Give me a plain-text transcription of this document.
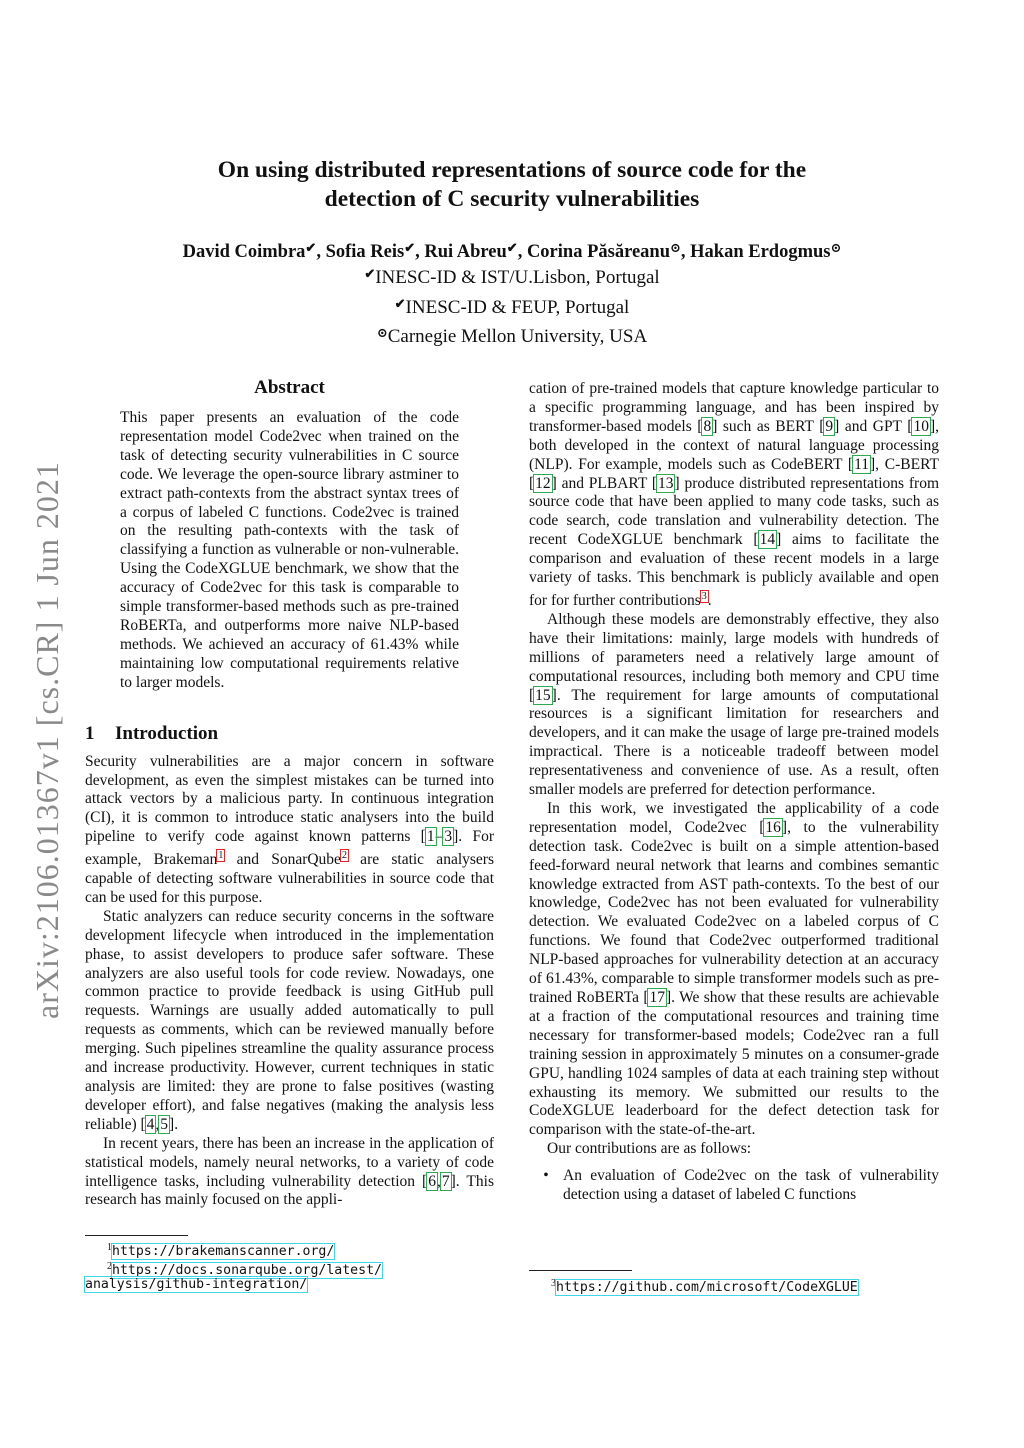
arXiv:2106.01367v1 [cs.CR] 1 Jun 2021
On using distributed representations of source code for the
detection of C security vulnerabilities
David Coimbra✔, Sofia Reis✔, Rui Abreu✔, Corina Păsăreanu⊙, Hakan Erdogmus⊙
✔INESC-ID & IST/U.Lisbon, Portugal
✔INESC-ID & FEUP, Portugal
⊙Carnegie Mellon University, USA
Abstract
This paper presents an evaluation of the code representation model Code2vec when trained on the task of detecting security vulnerabilities in C source code. We leverage the open-source library astminer to extract path-contexts from the abstract syntax trees of a corpus of labeled C functions. Code2vec is trained on the resulting path-contexts with the task of classifying a function as vulnerable or non-vulnerable. Using the CodeXGLUE benchmark, we show that the accuracy of Code2vec for this task is comparable to simple transformer-based methods such as pre-trained RoBERTa, and outperforms more naive NLP-based methods. We achieved an accuracy of 61.43% while maintaining low computational requirements relative to larger models.
1 Introduction

Security vulnerabilities are a major concern in software development, as even the simplest mistakes can be turned into attack vectors by a malicious party. In continuous integration (CI), it is common to introduce static analysers into the build pipeline to verify code against known patterns [1–3]. For example, Brakeman$^1$ and SonarQube$^2$ are static analysers capable of detecting software vulnerabilities in source code that can be used for this purpose.

Static analyzers can reduce security concerns in the software development lifecycle when introduced in the implementation phase, to assist developers to produce safer software. These analyzers are also useful tools for code review. Nowadays, one common practice to provide feedback is using GitHub pull requests. Warnings are usually added automatically to pull requests as comments, which can be reviewed manually before merging. Such pipelines streamline the quality assurance process and increase productivity. However, current techniques in static analysis are limited: they are prone to false positives (wasting developer effort), and false negatives (making the analysis less reliable) [4,5].

In recent years, there has been an increase in the application of statistical models, namely neural networks, to a variety of code intelligence tasks, including vulnerability detection [6,7]. This research has mainly focused on the appli-

cation of pre-trained models that capture knowledge particular to a specific programming language, and has been inspired by transformer-based models [8] such as BERT [9] and GPT [10], both developed in the context of natural language processing (NLP). For example, models such as CodeBERT [11], C-BERT [12] and PLBART [13] produce distributed representations from source code that have been applied to many code tasks, such as code search, code translation and vulnerability detection. The recent CodeXGLUE benchmark [14] aims to facilitate the comparison and evaluation of these recent models in a large variety of tasks. This benchmark is publicly available and open for for further contributions$^3$.

Although these models are demonstrably effective, they also have their limitations: mainly, large models with hundreds of millions of parameters need a relatively large amount of computational resources, including both memory and CPU time [15]. The requirement for large amounts of computational resources is a significant limitation for researchers and developers, and it can make the usage of large pre-trained models impractical. There is a noticeable tradeoff between model representativeness and convenience of use. As a result, often smaller models are preferred for detection performance.

In this work, we investigated the applicability of a code representation model, Code2vec [16], to the vulnerability detection task. Code2vec is built on a simple attention-based feed-forward neural network that learns and combines semantic knowledge extracted from AST path-contexts. To the best of our knowledge, Code2vec has not been evaluated for vulnerability detection. We evaluated Code2vec on a labeled corpus of C functions. We found that Code2vec outperformed traditional NLP-based approaches for vulnerability detection at an accuracy of 61.43%, comparable to simple transformer models such as pre-trained RoBERTa [17]. We show that these results are achievable at a fraction of the computational resources and training time necessary for transformer-based models; Code2vec ran a full training session in approximately 5 minutes on a consumer-grade GPU, handling 1024 samples of data at each training step without exhausting its memory. We submitted our results to the CodeXGLUE leaderboard for the defect detection task for comparison with the state-of-the-art.

Our contributions are as follows:

• An evaluation of Code2vec on the task of vulnerability detection using a dataset of labeled C functions
$^1$https://brakemanscanner.org/
$^2$https://docs.sonarqube.org/latest/
analysis/github-integration/	$^3$https://github.com/microsoft/CodeXGLUE
